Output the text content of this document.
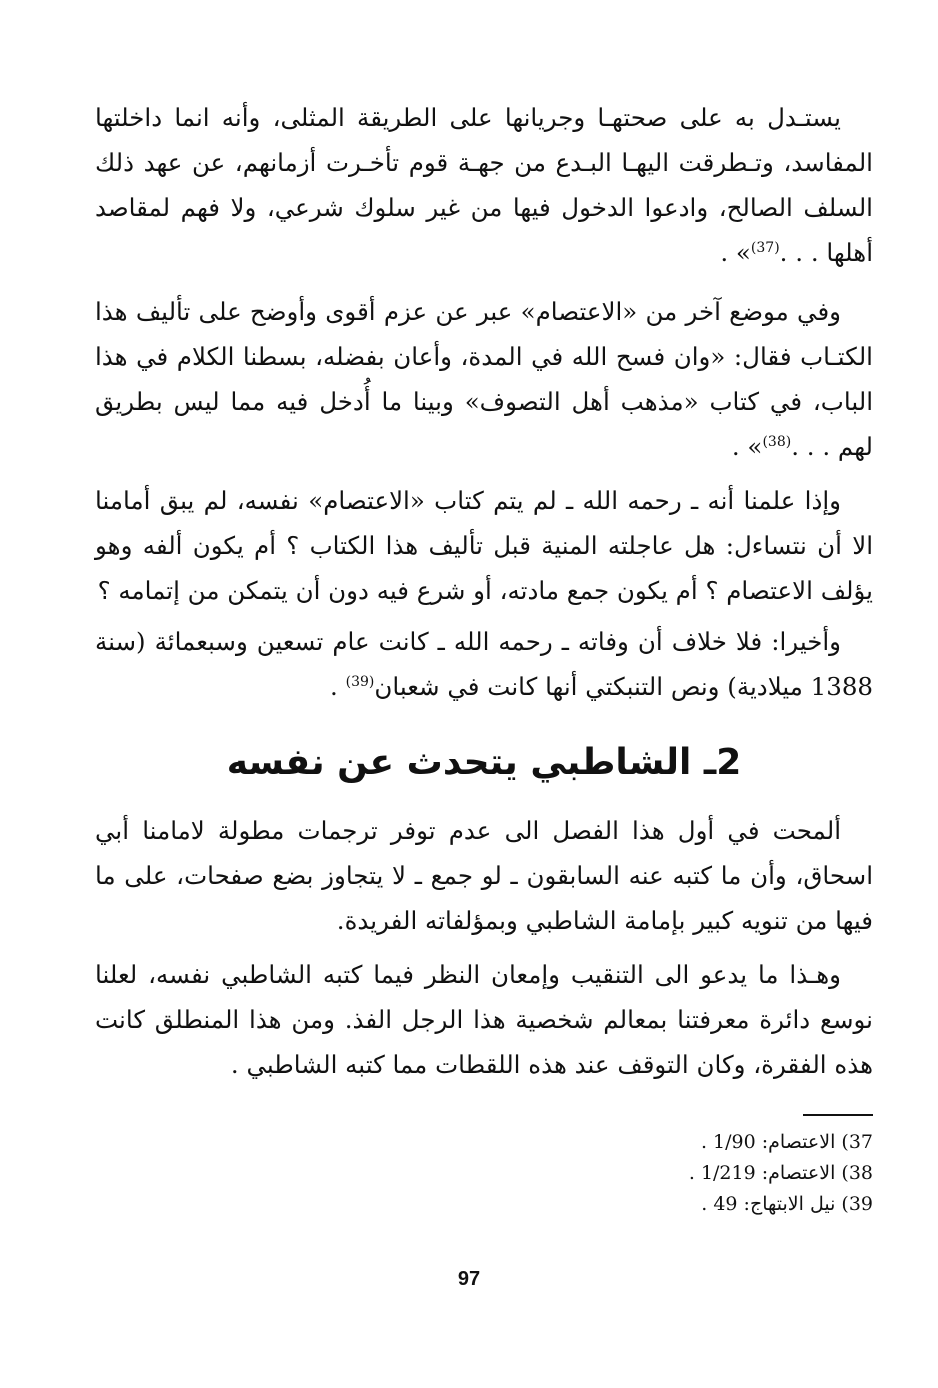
يستـدل به على صحتهـا وجريانها على الطريقة المثلى، وأنه انما داخلتها المفاسد، وتـطرقت اليهـا البـدع من جهـة قوم تأخـرت أزمانهم، عن عهد ذلك السلف الصالح، وادعوا الدخول فيها من غير سلوك شرعي، ولا فهم لمقاصد أهلها . . .$^{(37)}$» .

وفي موضع آخر من «الاعتصام» عبر عن عزم أقوى وأوضح على تأليف هذا الكتـاب فقال: «وان فسح الله في المدة، وأعان بفضله، بسطنا الكلام في هذا الباب، في كتاب «مذهب أهل التصوف» وبينا ما أُدخل فيه مما ليس بطريق لهم . . .$^{(38)}$» .

وإذا علمنا أنه ـ رحمه الله ـ لم يتم كتاب «الاعتصام» نفسه، لم يبق أمامنا الا أن نتساءل: هل عاجلته المنية قبل تأليف هذا الكتاب ؟ أم يكون ألفه وهو يؤلف الاعتصام ؟ أم يكون جمع مادته، أو شرع فيه دون أن يتمكن من إتمامه ؟

وأخيرا: فلا خلاف أن وفاته ـ رحمه الله ـ كانت عام تسعين وسبعمائة (سنة 1388 ميلادية) ونص التنبكتي أنها كانت في شعبان$^{(39)}$ .

2ـ الشاطبي يتحدث عن نفسه

ألمحت في أول هذا الفصل الى عدم توفر ترجمات مطولة لامامنا أبي اسحاق، وأن ما كتبه عنه السابقون ـ لو جمع ـ لا يتجاوز بضع صفحات، على ما فيها من تنويه كبير بإمامة الشاطبي وبمؤلفاته الفريدة.

وهـذا ما يدعو الى التنقيب وإمعان النظر فيما كتبه الشاطبي نفسه، لعلنا نوسع دائرة معرفتنا بمعالم شخصية هذا الرجل الفذ. ومن هذا المنطلق كانت هذه الفقرة، وكان التوقف عند هذه اللقطات مما كتبه الشاطبي .

37) الاعتصام: 1/90 .
38) الاعتصام: 1/219 .
39) نيل الابتهاج: 49 .
97
